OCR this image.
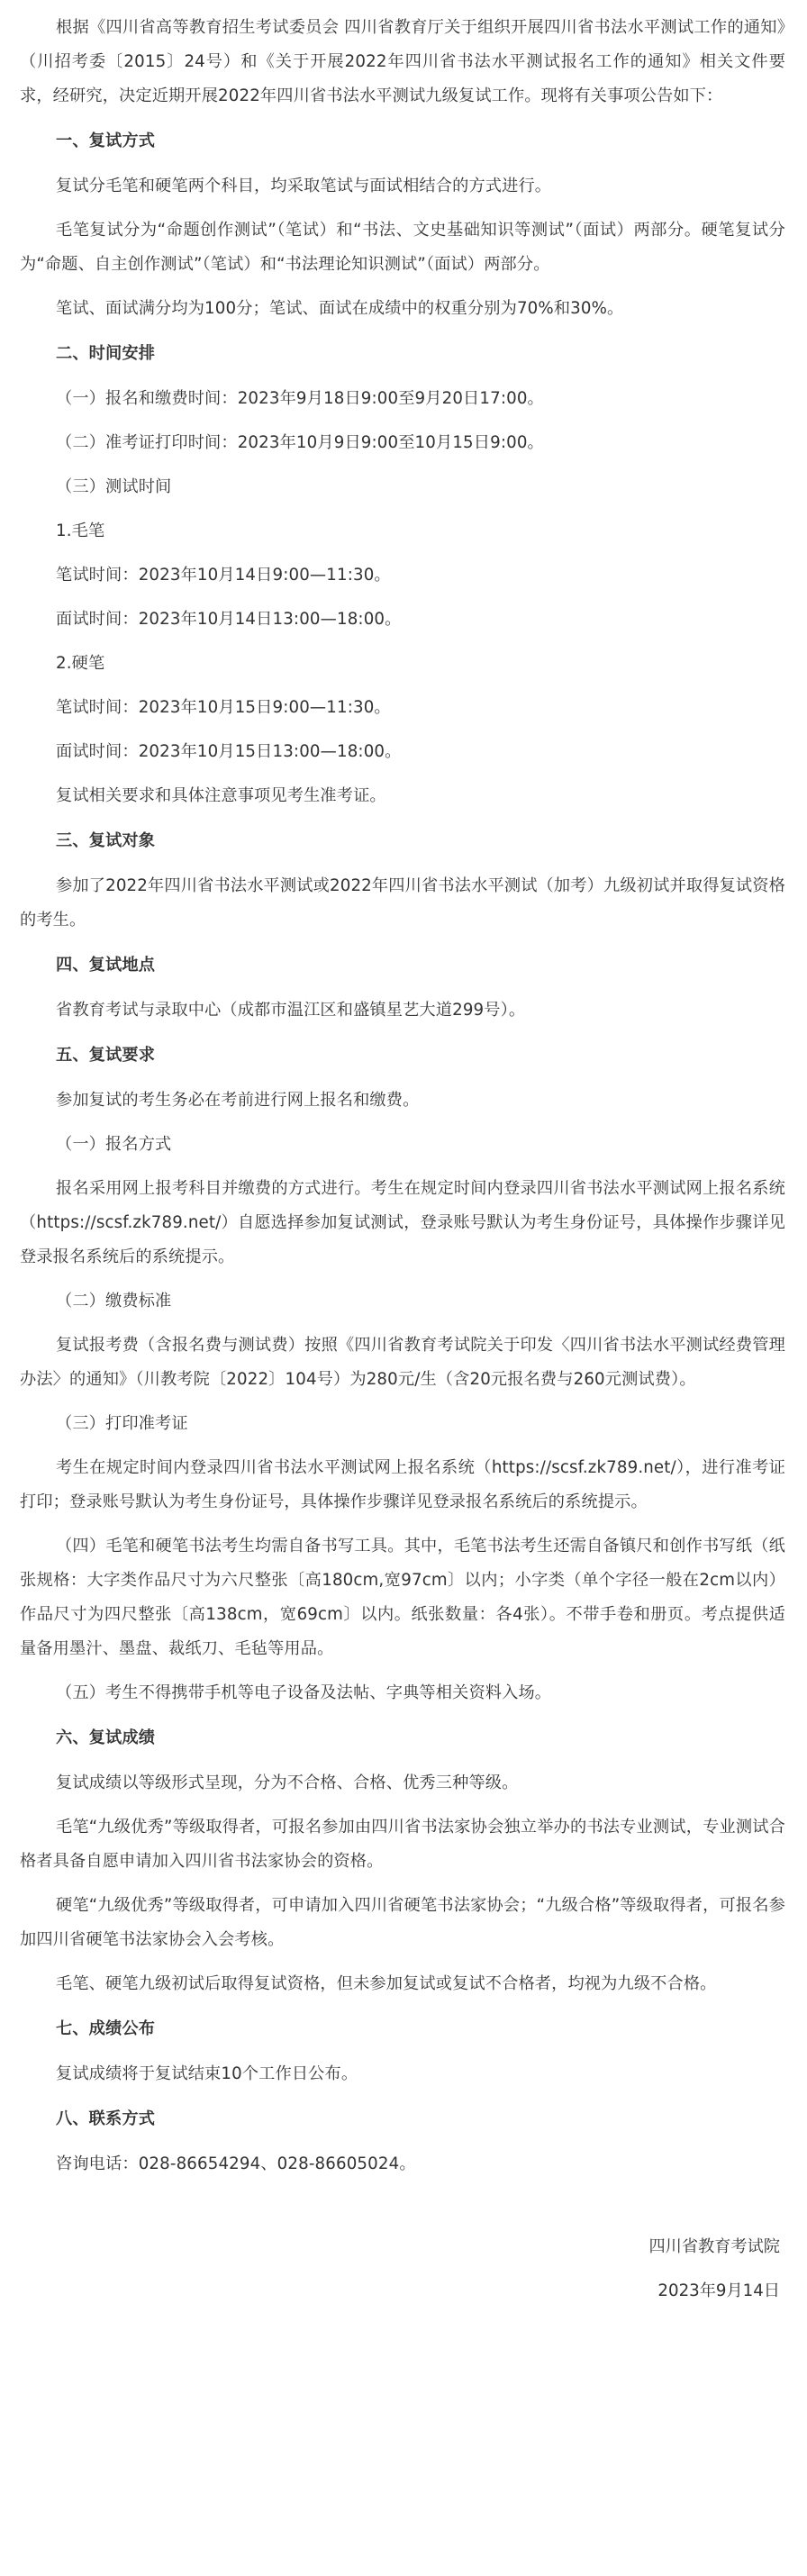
根据《四川省高等教育招生考试委员会 四川省教育厅关于组织开展四川省书法水平测试工作的通知》（川招考委〔2015〕24号）和《关于开展2022年四川省书法水平测试报名工作的通知》相关文件要求，经研究，决定近期开展2022年四川省书法水平测试九级复试工作。现将有关事项公告如下：

一、复试方式

复试分毛笔和硬笔两个科目，均采取笔试与面试相结合的方式进行。

毛笔复试分为“命题创作测试”（笔试）和“书法、文史基础知识等测试”（面试）两部分。硬笔复试分为“命题、自主创作测试”（笔试）和“书法理论知识测试”（面试）两部分。

笔试、面试满分均为100分；笔试、面试在成绩中的权重分别为70%和30%。

二、时间安排

（一）报名和缴费时间：2023年9月18日9:00至9月20日17:00。

（二）准考证打印时间：2023年10月9日9:00至10月15日9:00。

（三）测试时间

1.毛笔

笔试时间：2023年10月14日9:00—11:30。

面试时间：2023年10月14日13:00—18:00。

2.硬笔

笔试时间：2023年10月15日9:00—11:30。

面试时间：2023年10月15日13:00—18:00。

复试相关要求和具体注意事项见考生准考证。

三、复试对象

参加了2022年四川省书法水平测试或2022年四川省书法水平测试（加考）九级初试并取得复试资格的考生。

四、复试地点

省教育考试与录取中心（成都市温江区和盛镇星艺大道299号）。

五、复试要求

参加复试的考生务必在考前进行网上报名和缴费。

（一）报名方式

报名采用网上报考科目并缴费的方式进行。考生在规定时间内登录四川省书法水平测试网上报名系统（https://scsf.zk789.net/）自愿选择参加复试测试，登录账号默认为考生身份证号，具体操作步骤详见登录报名系统后的系统提示。

（二）缴费标准

复试报考费（含报名费与测试费）按照《四川省教育考试院关于印发〈四川省书法水平测试经费管理办法〉的通知》（川教考院〔2022〕104号）为280元/生（含20元报名费与260元测试费）。

（三）打印准考证

考生在规定时间内登录四川省书法水平测试网上报名系统（https://scsf.zk789.net/），进行准考证打印；登录账号默认为考生身份证号，具体操作步骤详见登录报名系统后的系统提示。

（四）毛笔和硬笔书法考生均需自备书写工具。其中，毛笔书法考生还需自备镇尺和创作书写纸（纸张规格：大字类作品尺寸为六尺整张〔高180cm,宽97cm〕以内；小字类（单个字径一般在2cm以内）作品尺寸为四尺整张〔高138cm，宽69cm〕以内。纸张数量：各4张）。不带手卷和册页。考点提供适量备用墨汁、墨盘、裁纸刀、毛毡等用品。

（五）考生不得携带手机等电子设备及法帖、字典等相关资料入场。

六、复试成绩

复试成绩以等级形式呈现，分为不合格、合格、优秀三种等级。

毛笔“九级优秀”等级取得者，可报名参加由四川省书法家协会独立举办的书法专业测试，专业测试合格者具备自愿申请加入四川省书法家协会的资格。

硬笔“九级优秀”等级取得者，可申请加入四川省硬笔书法家协会；“九级合格”等级取得者，可报名参加四川省硬笔书法家协会入会考核。

毛笔、硬笔九级初试后取得复试资格，但未参加复试或复试不合格者，均视为九级不合格。

七、成绩公布

复试成绩将于复试结束10个工作日公布。

八、联系方式

咨询电话：028-86654294、028-86605024。

四川省教育考试院

2023年9月14日
